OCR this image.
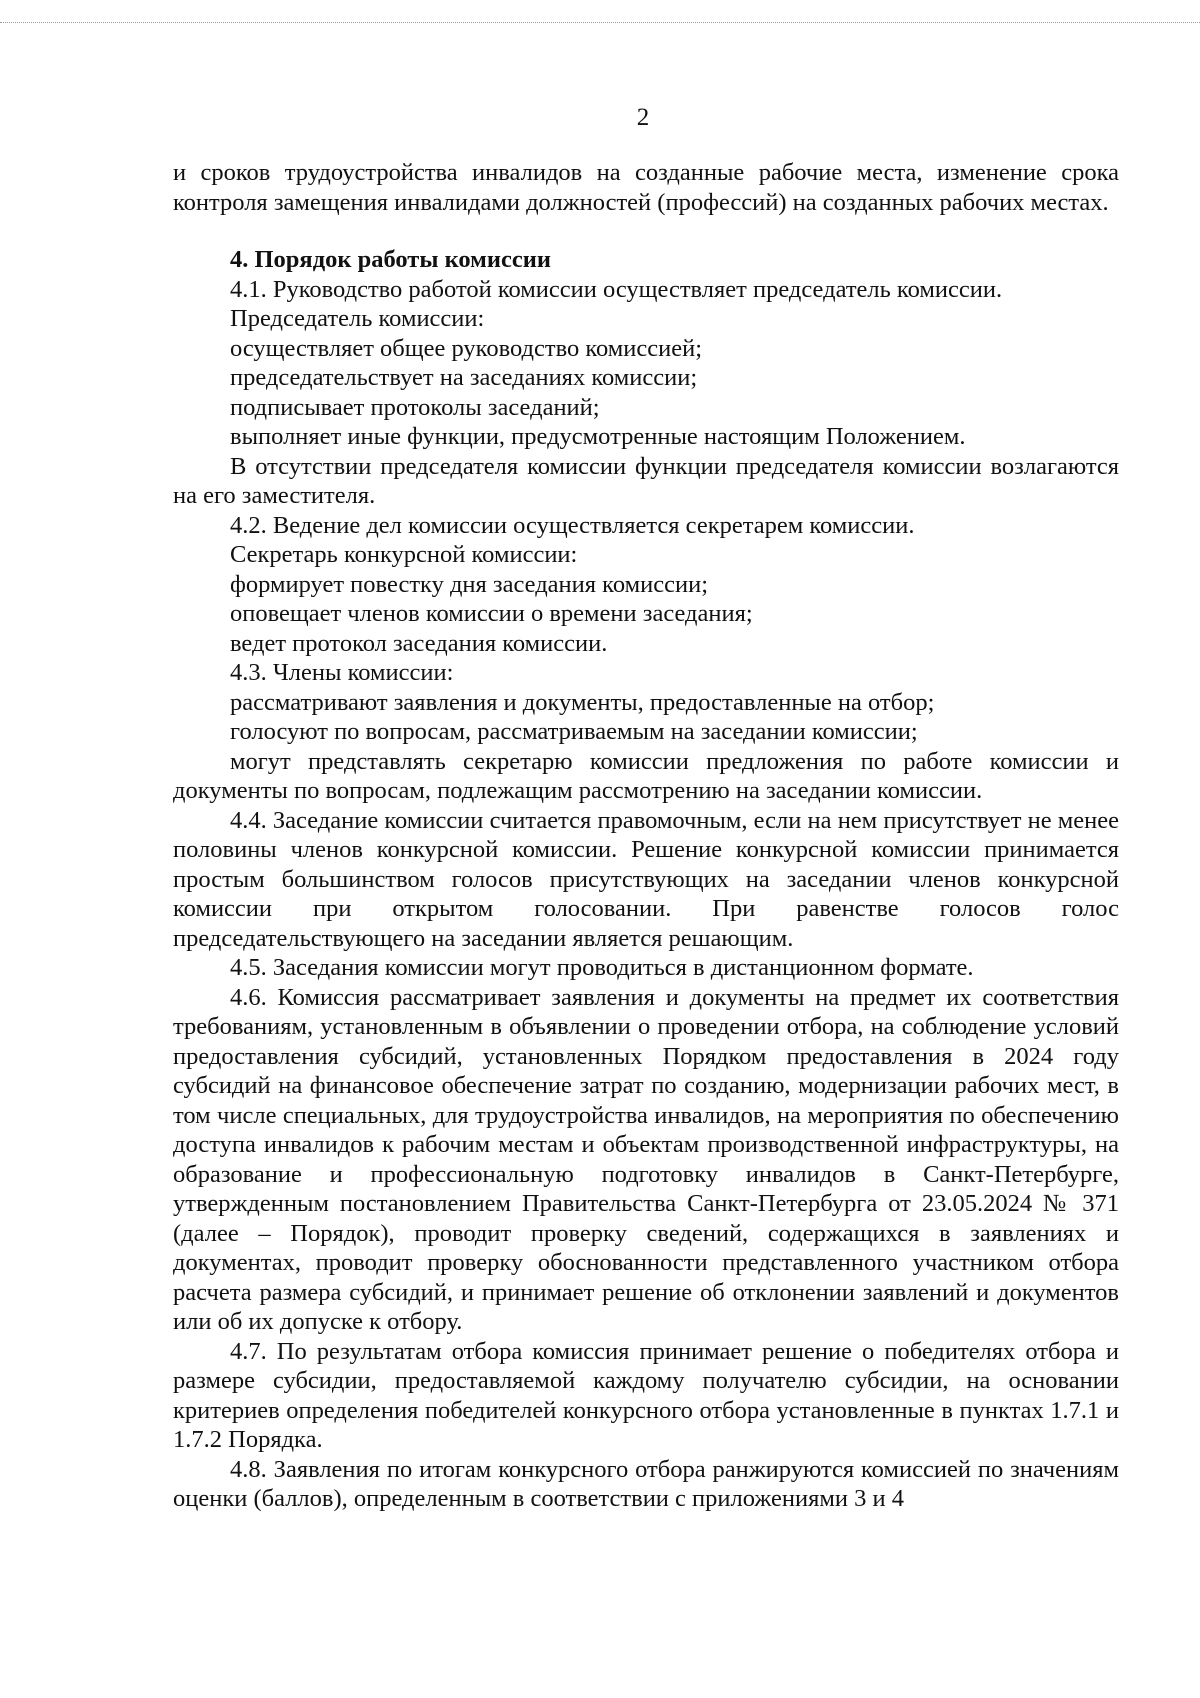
2

и сроков трудоустройства инвалидов на созданные рабочие места, изменение срока контроля замещения инвалидами должностей (профессий) на созданных рабочих местах.

4. Порядок работы комиссии

4.1. Руководство работой комиссии осуществляет председатель комиссии.

Председатель комиссии:

осуществляет общее руководство комиссией;

председательствует на заседаниях комиссии;

подписывает протоколы заседаний;

выполняет иные функции, предусмотренные настоящим Положением.

В отсутствии председателя комиссии функции председателя комиссии возлагаются на его заместителя.

4.2. Ведение дел комиссии осуществляется секретарем комиссии.

Секретарь конкурсной комиссии:

формирует повестку дня заседания комиссии;

оповещает членов комиссии о времени заседания;

ведет протокол заседания комиссии.

4.3. Члены комиссии:

рассматривают заявления и документы, предоставленные на отбор;

голосуют по вопросам, рассматриваемым на заседании комиссии;

могут представлять секретарю комиссии предложения по работе комиссии и документы по вопросам, подлежащим рассмотрению на заседании комиссии.

4.4. Заседание комиссии считается правомочным, если на нем присутствует не менее половины членов конкурсной комиссии. Решение конкурсной комиссии принимается простым большинством голосов присутствующих на заседании членов конкурсной комиссии при открытом голосовании. При равенстве голосов голос председательствующего на заседании является решающим.

4.5. Заседания комиссии могут проводиться в дистанционном формате.

4.6. Комиссия рассматривает заявления и документы на предмет их соответствия требованиям, установленным в объявлении о проведении отбора, на соблюдение условий предоставления субсидий, установленных Порядком предоставления в 2024 году субсидий на финансовое обеспечение затрат по созданию, модернизации рабочих мест, в том числе специальных, для трудоустройства инвалидов, на мероприятия по обеспечению доступа инвалидов к рабочим местам и объектам производственной инфраструктуры, на образование и профессиональную подготовку инвалидов в Санкт-Петербурге, утвержденным постановлением Правительства Санкт-Петербурга от 23.05.2024 № 371 (далее – Порядок), проводит проверку сведений, содержащихся в заявлениях и документах, проводит проверку обоснованности представленного участником отбора расчета размера субсидий, и принимает решение об отклонении заявлений и документов или об их допуске к отбору.

4.7. По результатам отбора комиссия принимает решение о победителях отбора и размере субсидии, предоставляемой каждому получателю субсидии, на основании критериев определения победителей конкурсного отбора установленные в пунктах 1.7.1 и 1.7.2 Порядка.

4.8. Заявления по итогам конкурсного отбора ранжируются комиссией по значениям оценки (баллов), определенным в соответствии с приложениями 3 и 4
